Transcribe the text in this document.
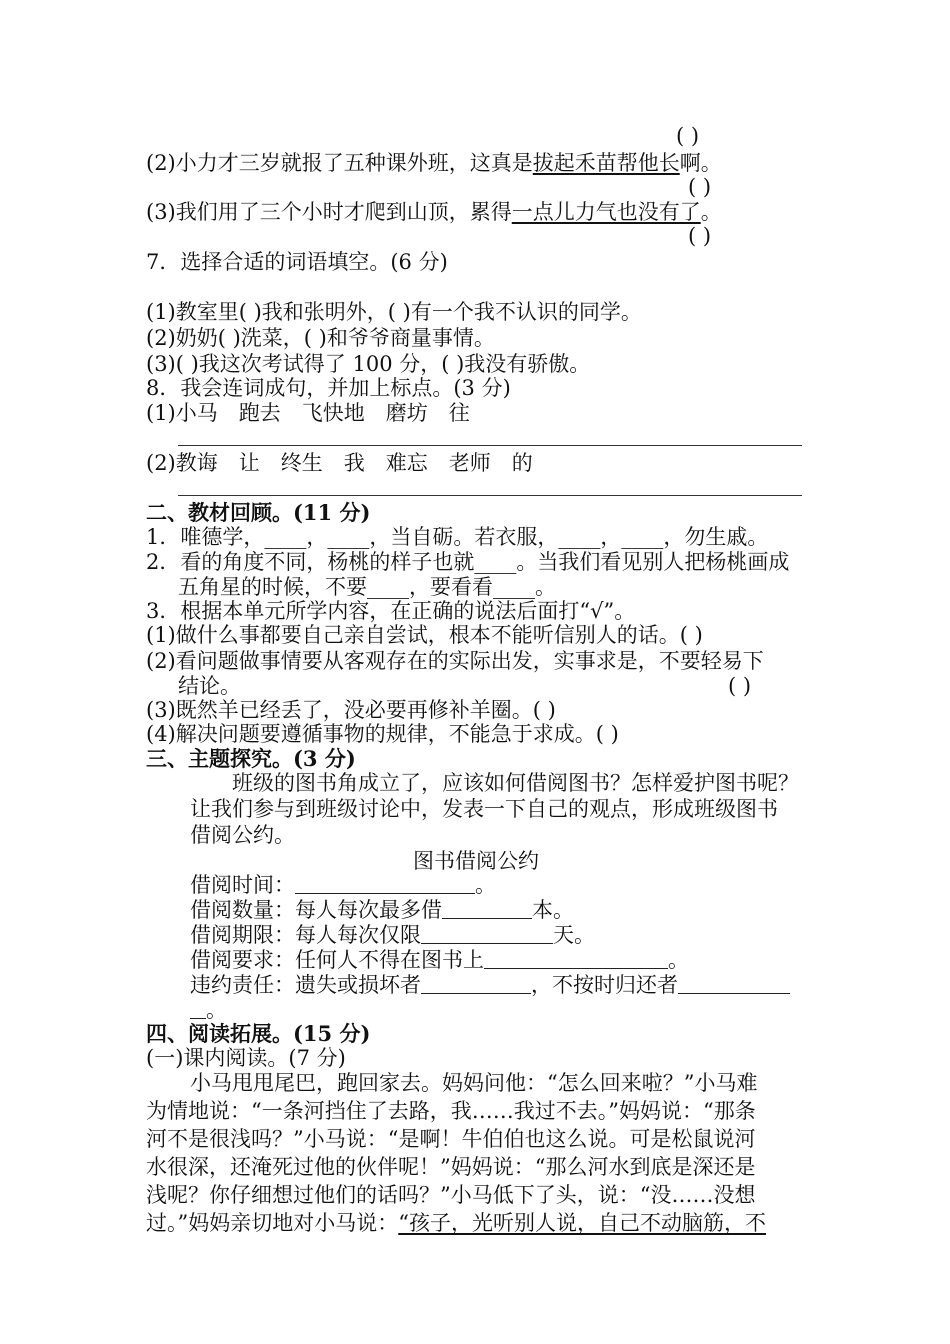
( )
(2)小力才三岁就报了五种课外班，这真是拔起禾苗帮他长啊。
( )
(3)我们用了三个小时才爬到山顶，累得一点儿力气也没有了。
( )
7．选择合适的词语填空。(6 分)
(1)教室里( )我和张明外，( )有一个我不认识的同学。
(2)奶奶( )洗菜，( )和爷爷商量事情。
(3)( )我这次考试得了 100 分，( )我没有骄傲。
8．我会连词成句，并加上标点。(3 分)
(1)小马　跑去　飞快地　磨坊　往
(2)教诲　让　终生　我　难忘　老师　的
二、教材回顾。(11 分)
1．唯德学，____，____，当自砺。若衣服，____，____，勿生戚。
2．看的角度不同，杨桃的样子也就____。当我们看见别人把杨桃画成
五角星的时候，不要____，要看看____。
3．根据本单元所学内容，在正确的说法后面打“√”。
(1)做什么事都要自己亲自尝试，根本不能听信别人的话。( )
(2)看问题做事情要从客观存在的实际出发，实事求是，不要轻易下
结论。	( )
(3)既然羊已经丢了，没必要再修补羊圈。( )
(4)解决问题要遵循事物的规律，不能急于求成。( )
三、主题探究。(3 分)
班级的图书角成立了，应该如何借阅图书？怎样爱护图书呢？
让我们参与到班级讨论中，发表一下自己的观点，形成班级图书
借阅公约。
图书借阅公约
借阅时间：	。
借阅数量：每人每次最多借	本。
借阅期限：每人每次仅限	天。
借阅要求：任何人不得在图书上	。
违约责任：遗失或损坏者	，不按时归还者
。
四、阅读拓展。(15 分)
(一)课内阅读。(7 分)
小马甩甩尾巴，跑回家去。妈妈问他：“怎么回来啦？”小马难
为情地说：“一条河挡住了去路，我……我过不去。”妈妈说：“那条
河不是很浅吗？”小马说：“是啊！牛伯伯也这么说。可是松鼠说河
水很深，还淹死过他的伙伴呢！”妈妈说：“那么河水到底是深还是
浅呢？你仔细想过他们的话吗？”小马低下了头，说：“没……没想
过。”妈妈亲切地对小马说：“孩子，光听别人说，自己不动脑筋，不
